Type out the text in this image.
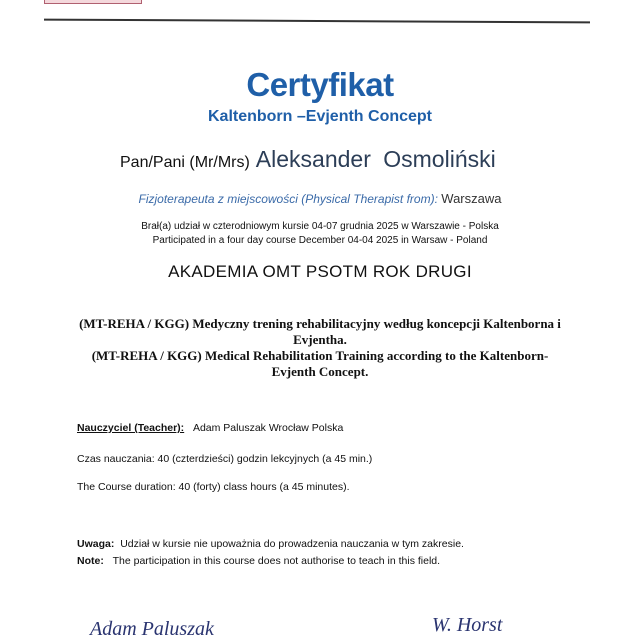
Certyfikat
Kaltenborn –Evjenth Concept
Pan/Pani (Mr/Mrs) Aleksander Osmoliński
Fizjoterapeuta z miejscowości (Physical Therapist from): Warszawa
Brał(a) udział w czterodniowym kursie 04-07 grudnia 2025 w Warszawie - Polska
Participated in a four day course December 04-04 2025 in Warsaw - Poland
AKADEMIA OMT PSOTM ROK DRUGI
(MT-REHA / KGG) Medyczny trening rehabilitacyjny według koncepcji Kaltenborna i Evjentha.
(MT-REHA / KGG) Medical Rehabilitation Training according to the Kaltenborn-Evjenth Concept.
Nauczyciel (Teacher): Adam Paluszak Wrocław Polska
Czas nauczania: 40 (czterdzieści) godzin lekcyjnych (a 45 min.)
The Course duration: 40 (forty) class hours (a 45 minutes).
Uwaga: Udział w kursie nie upoważnia do prowadzenia nauczania w tym zakresie.
Note: The participation in this course does not authorise to teach in this field.
Adam Paluszak	W. Horst
